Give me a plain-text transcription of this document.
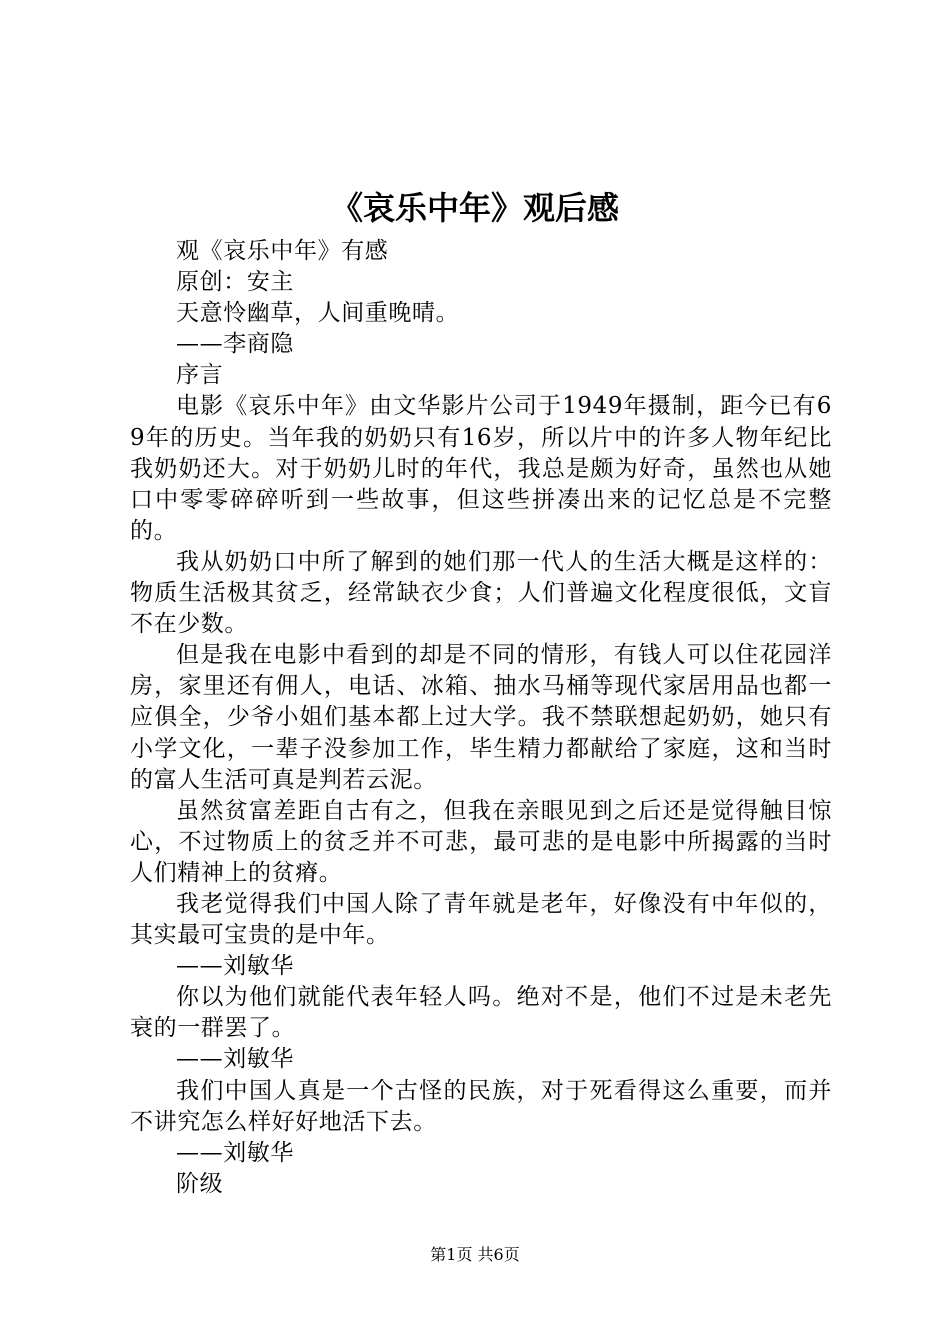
《哀乐中年》观后感

观《哀乐中年》有感

原创：安主

天意怜幽草，人间重晚晴。

——李商隐

序言

电影《哀乐中年》由文华影片公司于1949年摄制，距今已有69年的历史。当年我的奶奶只有16岁，所以片中的许多人物年纪比我奶奶还大。对于奶奶儿时的年代，我总是颇为好奇，虽然也从她口中零零碎碎听到一些故事，但这些拼凑出来的记忆总是不完整的。

我从奶奶口中所了解到的她们那一代人的生活大概是这样的：物质生活极其贫乏，经常缺衣少食；人们普遍文化程度很低，文盲不在少数。

但是我在电影中看到的却是不同的情形，有钱人可以住花园洋房，家里还有佣人，电话、冰箱、抽水马桶等现代家居用品也都一应俱全，少爷小姐们基本都上过大学。我不禁联想起奶奶，她只有小学文化，一辈子没参加工作，毕生精力都献给了家庭，这和当时的富人生活可真是判若云泥。

虽然贫富差距自古有之，但我在亲眼见到之后还是觉得触目惊心，不过物质上的贫乏并不可悲，最可悲的是电影中所揭露的当时人们精神上的贫瘠。

我老觉得我们中国人除了青年就是老年，好像没有中年似的，其实最可宝贵的是中年。

——刘敏华

你以为他们就能代表年轻人吗。绝对不是，他们不过是未老先衰的一群罢了。

——刘敏华

我们中国人真是一个古怪的民族，对于死看得这么重要，而并不讲究怎么样好好地活下去。

——刘敏华

阶级

第1页 共6页
